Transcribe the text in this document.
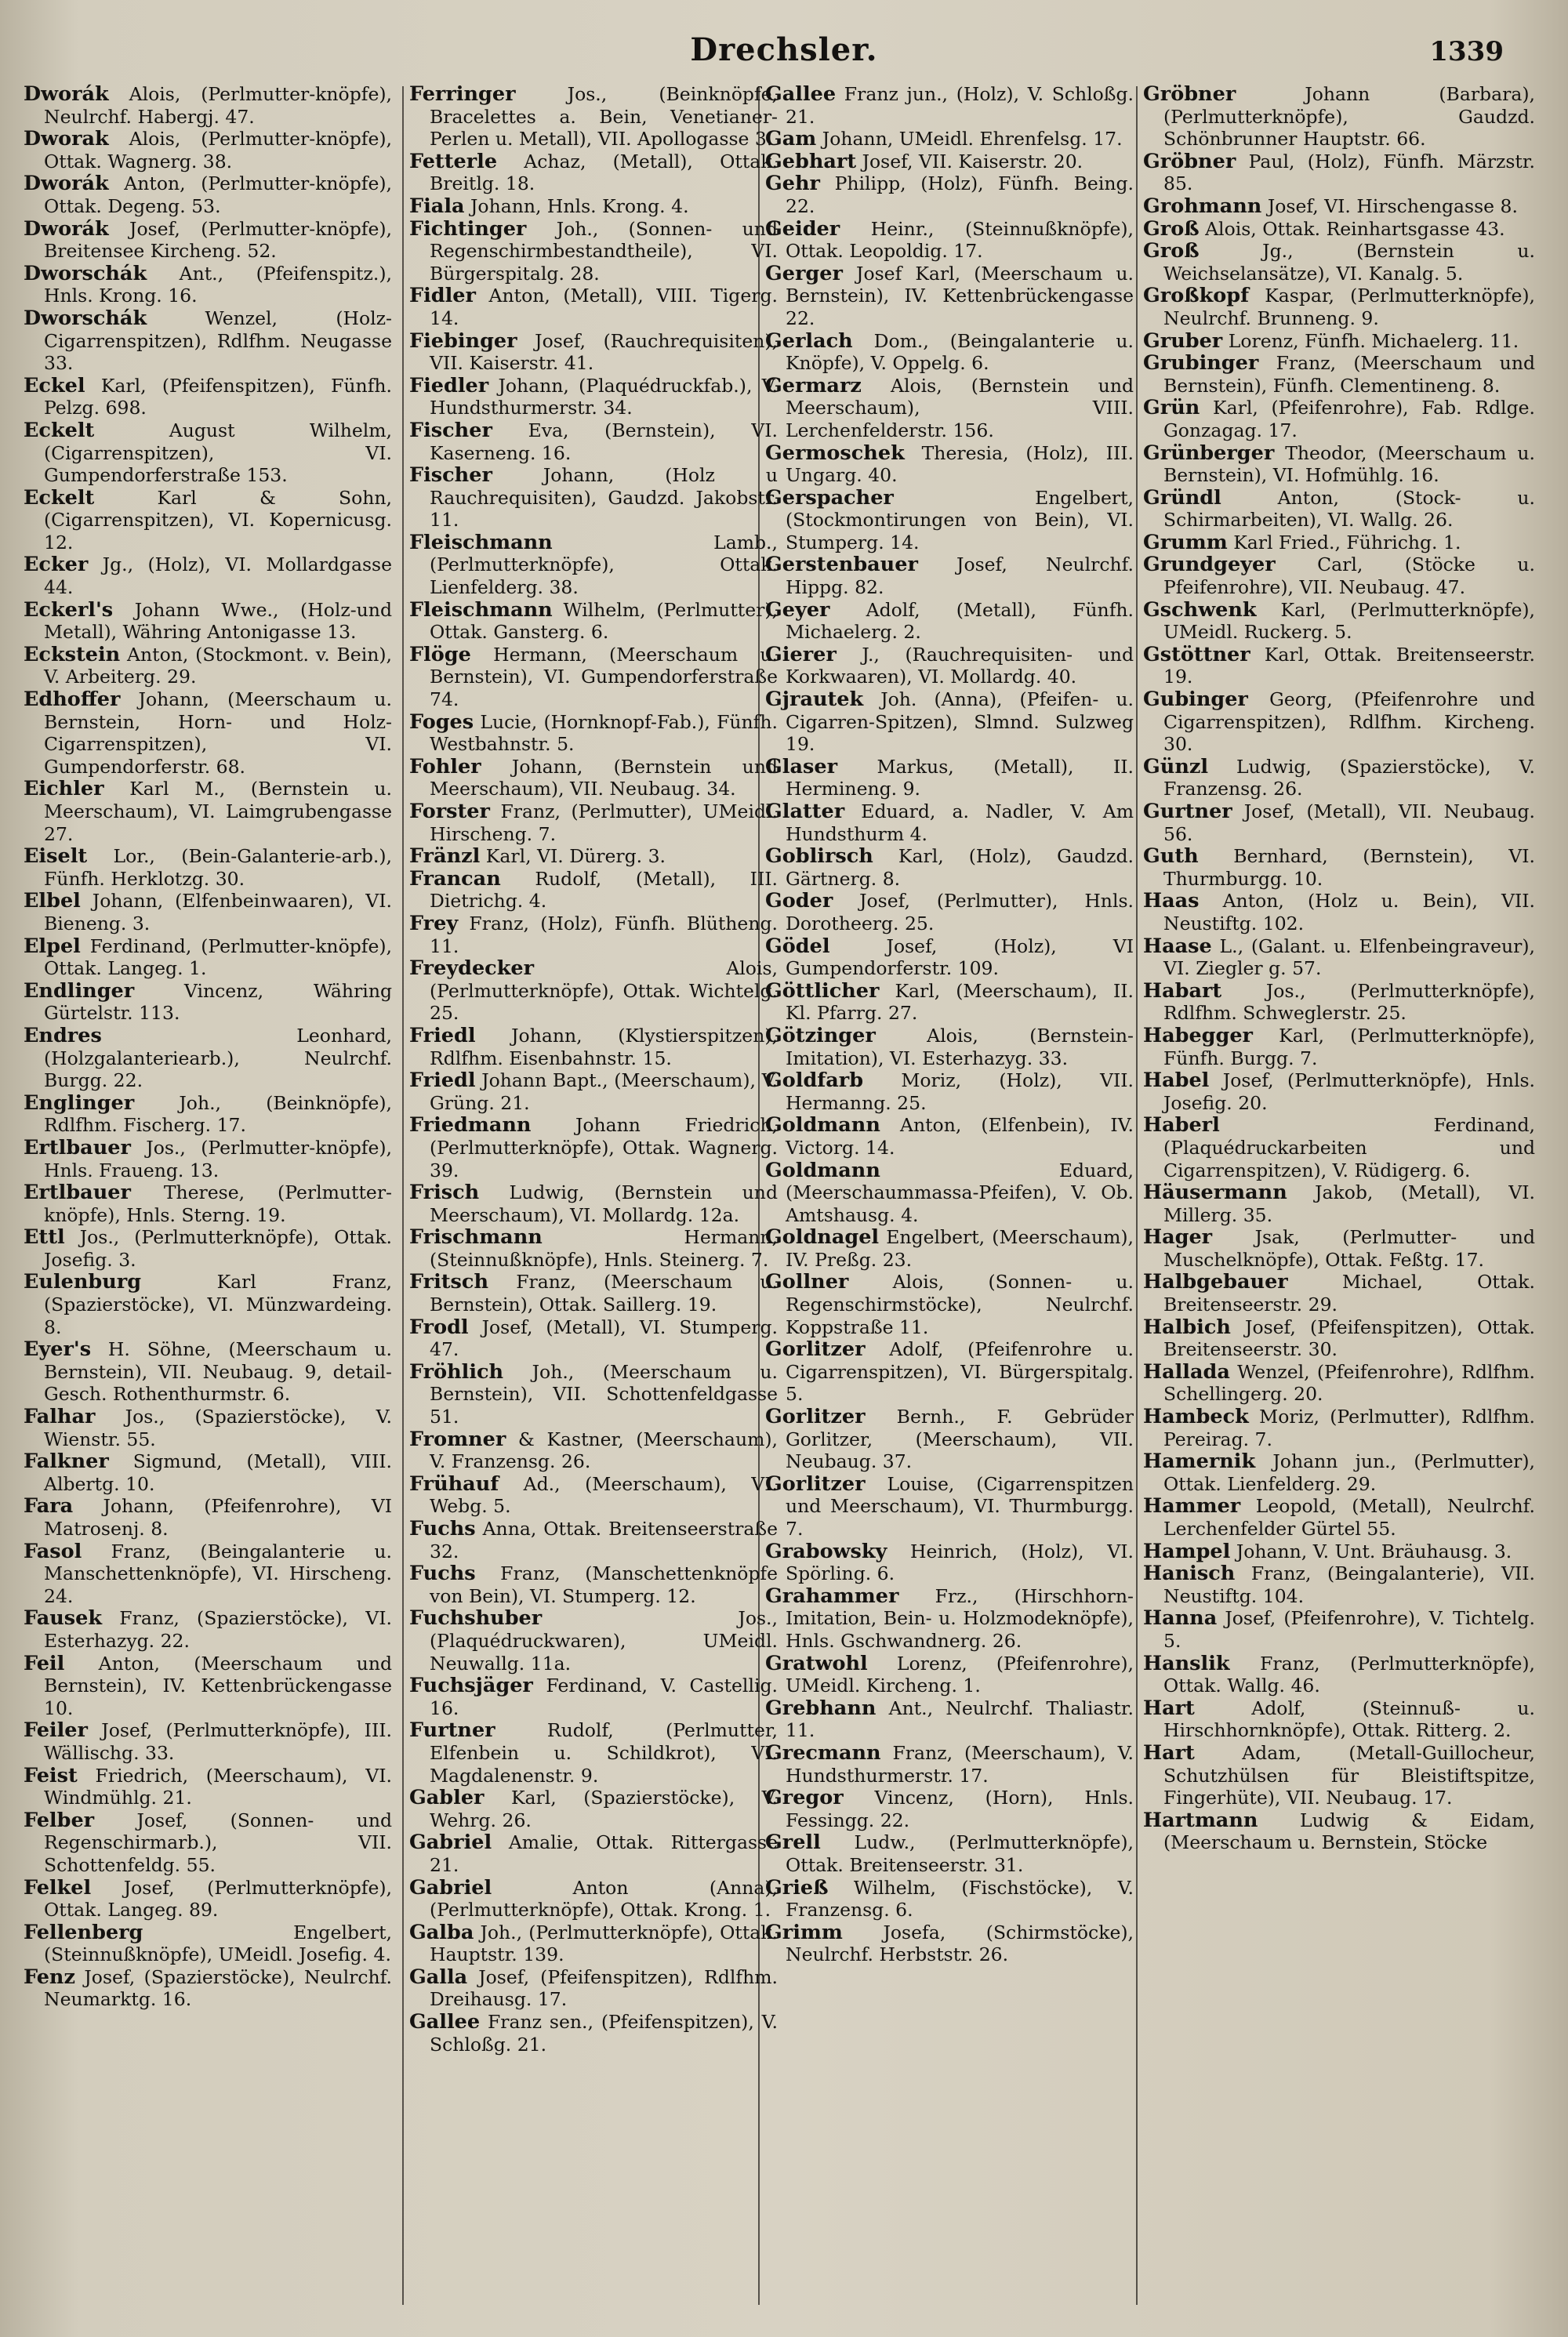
Drechsler.	1339

Dworák Alois, (Perlmutter-knöpfe), Neulrchf. Habergj. 47.

Dworak Alois, (Perlmutter-knöpfe), Ottak. Wagnerg. 38.

Dworák Anton, (Perlmutter-knöpfe), Ottak. Degeng. 53.

Dworák Josef, (Perlmutter-knöpfe), Breitensee Kircheng. 52.

Dworschák Ant., (Pfeifenspitz.), Hnls. Krong. 16.

Dworschák Wenzel, (Holz-Cigarrenspitzen), Rdlfhm. Neugasse 33.

Eckel Karl, (Pfeifenspitzen), Fünfh. Pelzg. 698.

Eckelt August Wilhelm, (Cigarrenspitzen), VI. Gumpendorferstraße 153.

Eckelt Karl & Sohn, (Cigarrenspitzen), VI. Kopernicusg. 12.

Ecker Jg., (Holz), VI. Mollardgasse 44.

Eckerl's Johann Wwe., (Holz-und Metall), Währing Antonigasse 13.

Eckstein Anton, (Stockmont. v. Bein), V. Arbeiterg. 29.

Edhoffer Johann, (Meerschaum u. Bernstein, Horn- und Holz-Cigarrenspitzen), VI. Gumpendorferstr. 68.

Eichler Karl M., (Bernstein u. Meerschaum), VI. Laimgrubengasse 27.

Eiselt Lor., (Bein-Galanterie-arb.), Fünfh. Herklotzg. 30.

Elbel Johann, (Elfenbeinwaaren), VI. Bieneng. 3.

Elpel Ferdinand, (Perlmutter-knöpfe), Ottak. Langeg. 1.

Endlinger Vincenz, Währing Gürtelstr. 113.

Endres Leonhard, (Holzgalanteriearb.), Neulrchf. Burgg. 22.

Englinger Joh., (Beinknöpfe), Rdlfhm. Fischerg. 17.

Ertlbauer Jos., (Perlmutter-knöpfe), Hnls. Fraueng. 13.

Ertlbauer Therese, (Perlmutter-knöpfe), Hnls. Sterng. 19.

Ettl Jos., (Perlmutterknöpfe), Ottak. Josefig. 3.

Eulenburg Karl Franz, (Spazierstöcke), VI. Münzwardeing. 8.

Eyer's H. Söhne, (Meerschaum u. Bernstein), VII. Neubaug. 9, detail-Gesch. Rothenthurmstr. 6.

Falhar Jos., (Spazierstöcke), V. Wienstr. 55.

Falkner Sigmund, (Metall), VIII. Albertg. 10.

Fara Johann, (Pfeifenrohre), VI Matrosenj. 8.

Fasol Franz, (Beingalanterie u. Manschettenknöpfe), VI. Hirscheng. 24.

Fausek Franz, (Spazierstöcke), VI. Esterhazyg. 22.

Feil Anton, (Meerschaum und Bernstein), IV. Kettenbrückengasse 10.

Feiler Josef, (Perlmutterknöpfe), III. Wällischg. 33.

Feist Friedrich, (Meerschaum), VI. Windmühlg. 21.

Felber Josef, (Sonnen- und Regenschirmarb.), VII. Schottenfeldg. 55.

Felkel Josef, (Perlmutterknöpfe), Ottak. Langeg. 89.

Fellenberg Engelbert, (Steinnußknöpfe), UMeidl. Josefig. 4.

Fenz Josef, (Spazierstöcke), Neulrchf. Neumarktg. 16.

Ferringer Jos., (Beinknöpfe, Bracelettes a. Bein, Venetianer-Perlen u. Metall), VII. Apollogasse 3.

Fetterle Achaz, (Metall), Ottak. Breitlg. 18.

Fiala Johann, Hnls. Krong. 4.

Fichtinger Joh., (Sonnen- und Regenschirmbestandtheile), VI. Bürgerspitalg. 28.

Fidler Anton, (Metall), VIII. Tigerg. 14.

Fiebinger Josef, (Rauchrequisiten), VII. Kaiserstr. 41.

Fiedler Johann, (Plaquédruckfab.), V. Hundsthurmerstr. 34.

Fischer Eva, (Bernstein), VI. Kaserneng. 16.

Fischer Johann, (Holz u Rauchrequisiten), Gaudzd. Jakobstr. 11.

Fleischmann Lamb., (Perlmutterknöpfe), Ottak. Lienfelderg. 38.

Fleischmann Wilhelm, (Perlmutter), Ottak. Gansterg. 6.

Flöge Hermann, (Meerschaum u. Bernstein), VI. Gumpendorferstraße 74.

Foges Lucie, (Hornknopf-Fab.), Fünfh. Westbahnstr. 5.

Fohler Johann, (Bernstein und Meerschaum), VII. Neubaug. 34.

Forster Franz, (Perlmutter), UMeidl. Hirscheng. 7.

Fränzl Karl, VI. Dürerg. 3.

Francan Rudolf, (Metall), III. Dietrichg. 4.

Frey Franz, (Holz), Fünfh. Blütheng. 11.

Freydecker Alois, (Perlmutterknöpfe), Ottak. Wichtelg. 25.

Friedl Johann, (Klystierspitzen), Rdlfhm. Eisenbahnstr. 15.

Friedl Johann Bapt., (Meerschaum), V. Grüng. 21.

Friedmann Johann Friedrich, (Perlmutterknöpfe), Ottak. Wagnerg. 39.

Frisch Ludwig, (Bernstein und Meerschaum), VI. Mollardg. 12a.

Frischmann Hermann, (Steinnußknöpfe), Hnls. Steinerg. 7.

Fritsch Franz, (Meerschaum u. Bernstein), Ottak. Saillerg. 19.

Frodl Josef, (Metall), VI. Stumperg. 47.

Fröhlich Joh., (Meerschaum u. Bernstein), VII. Schottenfeldgasse 51.

Fromner & Kastner, (Meerschaum), V. Franzensg. 26.

Frühauf Ad., (Meerschaum), VI. Webg. 5.

Fuchs Anna, Ottak. Breitenseerstraße 32.

Fuchs Franz, (Manschettenknöpfe von Bein), VI. Stumperg. 12.

Fuchshuber Jos., (Plaquédruckwaren), UMeidl. Neuwallg. 11a.

Fuchsjäger Ferdinand, V. Castellig. 16.

Furtner Rudolf, (Perlmutter, Elfenbein u. Schildkrot), VI. Magdalenenstr. 9.

Gabler Karl, (Spazierstöcke), V. Wehrg. 26.

Gabriel Amalie, Ottak. Rittergasse 21.

Gabriel Anton (Anna), (Perlmutterknöpfe), Ottak. Krong. 1.

Galba Joh., (Perlmutterknöpfe), Ottak. Hauptstr. 139.

Galla Josef, (Pfeifenspitzen), Rdlfhm. Dreihausg. 17.

Gallee Franz sen., (Pfeifenspitzen), V. Schloßg. 21.

Gallee Franz jun., (Holz), V. Schloßg. 21.

Gam Johann, UMeidl. Ehrenfelsg. 17.

Gebhart Josef, VII. Kaiserstr. 20.

Gehr Philipp, (Holz), Fünfh. Being. 22.

Geider Heinr., (Steinnußknöpfe), Ottak. Leopoldig. 17.

Gerger Josef Karl, (Meerschaum u. Bernstein), IV. Kettenbrückengasse 22.

Gerlach Dom., (Beingalanterie u. Knöpfe), V. Oppelg. 6.

Germarz Alois, (Bernstein und Meerschaum), VIII. Lerchenfelderstr. 156.

Germoschek Theresia, (Holz), III. Ungarg. 40.

Gerspacher Engelbert, (Stockmontirungen von Bein), VI. Stumperg. 14.

Gerstenbauer Josef, Neulrchf. Hippg. 82.

Geyer Adolf, (Metall), Fünfh. Michaelerg. 2.

Gierer J., (Rauchrequisiten- und Korkwaaren), VI. Mollardg. 40.

Gjrautek Joh. (Anna), (Pfeifen- u. Cigarren-Spitzen), Slmnd. Sulzweg 19.

Glaser Markus, (Metall), II. Hermineng. 9.

Glatter Eduard, a. Nadler, V. Am Hundsthurm 4.

Goblirsch Karl, (Holz), Gaudzd. Gärtnerg. 8.

Goder Josef, (Perlmutter), Hnls. Dorotheerg. 25.

Gödel Josef, (Holz), VI Gumpendorferstr. 109.

Göttlicher Karl, (Meerschaum), II. Kl. Pfarrg. 27.

Götzinger Alois, (Bernstein-Imitation), VI. Esterhazyg. 33.

Goldfarb Moriz, (Holz), VII. Hermanng. 25.

Goldmann Anton, (Elfenbein), IV. Victorg. 14.

Goldmann Eduard, (Meerschaummassa-Pfeifen), V. Ob. Amtshausg. 4.

Goldnagel Engelbert, (Meerschaum), IV. Preßg. 23.

Gollner Alois, (Sonnen- u. Regenschirmstöcke), Neulrchf. Koppstraße 11.

Gorlitzer Adolf, (Pfeifenrohre u. Cigarrenspitzen), VI. Bürgerspitalg. 5.

Gorlitzer Bernh., F. Gebrüder Gorlitzer, (Meerschaum), VII. Neubaug. 37.

Gorlitzer Louise, (Cigarrenspitzen und Meerschaum), VI. Thurmburgg. 7.

Grabowsky Heinrich, (Holz), VI. Spörling. 6.

Grahammer Frz., (Hirschhorn-Imitation, Bein- u. Holzmodeknöpfe), Hnls. Gschwandnerg. 26.

Gratwohl Lorenz, (Pfeifenrohre), UMeidl. Kircheng. 1.

Grebhann Ant., Neulrchf. Thaliastr. 11.

Grecmann Franz, (Meerschaum), V. Hundsthurmerstr. 17.

Gregor Vincenz, (Horn), Hnls. Fessingg. 22.

Grell Ludw., (Perlmutterknöpfe), Ottak. Breitenseerstr. 31.

Grieß Wilhelm, (Fischstöcke), V. Franzensg. 6.

Grimm Josefa, (Schirmstöcke), Neulrchf. Herbststr. 26.

Gröbner Johann (Barbara), (Perlmutterknöpfe), Gaudzd. Schönbrunner Hauptstr. 66.

Gröbner Paul, (Holz), Fünfh. Märzstr. 85.

Grohmann Josef, VI. Hirschengasse 8.

Groß Alois, Ottak. Reinhartsgasse 43.

Groß Jg., (Bernstein u. Weichselansätze), VI. Kanalg. 5.

Großkopf Kaspar, (Perlmutterknöpfe), Neulrchf. Brunneng. 9.

Gruber Lorenz, Fünfh. Michaelerg. 11.

Grubinger Franz, (Meerschaum und Bernstein), Fünfh. Clementineng. 8.

Grün Karl, (Pfeifenrohre), Fab. Rdlge. Gonzagag. 17.

Grünberger Theodor, (Meerschaum u. Bernstein), VI. Hofmühlg. 16.

Gründl Anton, (Stock- u. Schirmarbeiten), VI. Wallg. 26.

Grumm Karl Fried., Führichg. 1.

Grundgeyer Carl, (Stöcke u. Pfeifenrohre), VII. Neubaug. 47.

Gschwenk Karl, (Perlmutterknöpfe), UMeidl. Ruckerg. 5.

Gstöttner Karl, Ottak. Breitenseerstr. 19.

Gubinger Georg, (Pfeifenrohre und Cigarrenspitzen), Rdlfhm. Kircheng. 30.

Günzl Ludwig, (Spazierstöcke), V. Franzensg. 26.

Gurtner Josef, (Metall), VII. Neubaug. 56.

Guth Bernhard, (Bernstein), VI. Thurmburgg. 10.

Haas Anton, (Holz u. Bein), VII. Neustiftg. 102.

Haase L., (Galant. u. Elfenbeingraveur), VI. Ziegler g. 57.

Habart Jos., (Perlmutterknöpfe), Rdlfhm. Schweglerstr. 25.

Habegger Karl, (Perlmutterknöpfe), Fünfh. Burgg. 7.

Habel Josef, (Perlmutterknöpfe), Hnls. Josefig. 20.

Haberl Ferdinand, (Plaquédruckarbeiten und Cigarrenspitzen), V. Rüdigerg. 6.

Häusermann Jakob, (Metall), VI. Millerg. 35.

Hager Jsak, (Perlmutter- und Muschelknöpfe), Ottak. Feßtg. 17.

Halbgebauer Michael, Ottak. Breitenseerstr. 29.

Halbich Josef, (Pfeifenspitzen), Ottak. Breitenseerstr. 30.

Hallada Wenzel, (Pfeifenrohre), Rdlfhm. Schellingerg. 20.

Hambeck Moriz, (Perlmutter), Rdlfhm. Pereirag. 7.

Hamernik Johann jun., (Perlmutter), Ottak. Lienfelderg. 29.

Hammer Leopold, (Metall), Neulrchf. Lerchenfelder Gürtel 55.

Hampel Johann, V. Unt. Bräuhausg. 3.

Hanisch Franz, (Beingalanterie), VII. Neustiftg. 104.

Hanna Josef, (Pfeifenrohre), V. Tichtelg. 5.

Hanslik Franz, (Perlmutterknöpfe), Ottak. Wallg. 46.

Hart Adolf, (Steinnuß- u. Hirschhornknöpfe), Ottak. Ritterg. 2.

Hart Adam, (Metall-Guillocheur, Schutzhülsen für Bleistiftspitze, Fingerhüte), VII. Neubaug. 17.

Hartmann Ludwig & Eidam, (Meerschaum u. Bernstein, Stöcke
